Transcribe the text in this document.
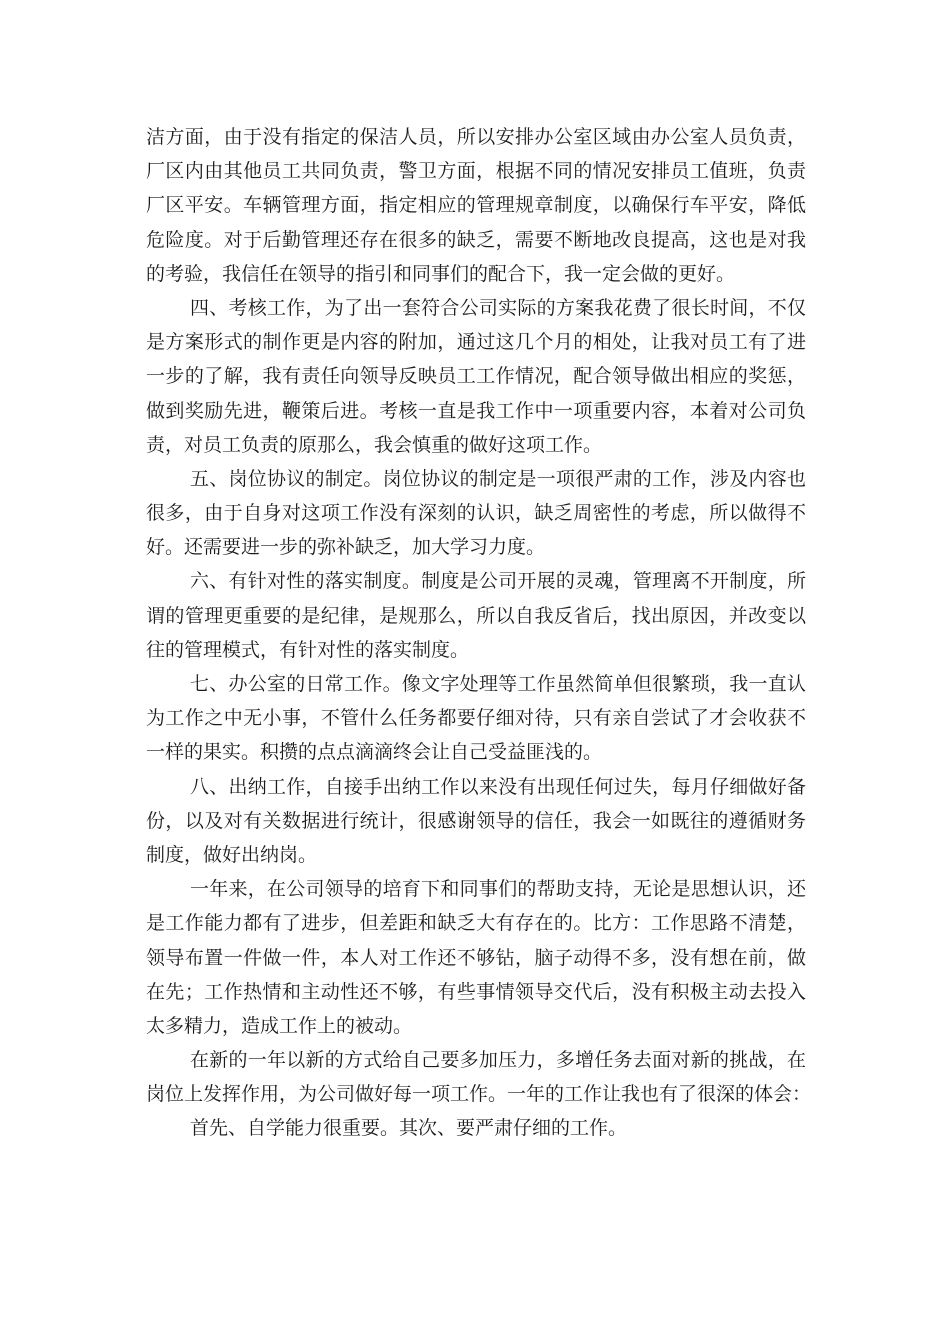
洁方面，由于没有指定的保洁人员，所以安排办公室区域由办公室人员负责，
厂区内由其他员工共同负责，警卫方面，根据不同的情况安排员工值班，负责
厂区平安。车辆管理方面，指定相应的管理规章制度，以确保行车平安，降低
危险度。对于后勤管理还存在很多的缺乏，需要不断地改良提高，这也是对我
的考验，我信任在领导的指引和同事们的配合下，我一定会做的更好。
四、考核工作，为了出一套符合公司实际的方案我花费了很长时间，不仅
是方案形式的制作更是内容的附加，通过这几个月的相处，让我对员工有了进
一步的了解，我有责任向领导反映员工工作情况，配合领导做出相应的奖惩，
做到奖励先进，鞭策后进。考核一直是我工作中一项重要内容，本着对公司负
责，对员工负责的原那么，我会慎重的做好这项工作。
五、岗位协议的制定。岗位协议的制定是一项很严肃的工作，涉及内容也
很多，由于自身对这项工作没有深刻的认识，缺乏周密性的考虑，所以做得不
好。还需要进一步的弥补缺乏，加大学习力度。
六、有针对性的落实制度。制度是公司开展的灵魂，管理离不开制度，所
谓的管理更重要的是纪律，是规那么，所以自我反省后，找出原因，并改变以
往的管理模式，有针对性的落实制度。
七、办公室的日常工作。像文字处理等工作虽然简单但很繁琐，我一直认
为工作之中无小事，不管什么任务都要仔细对待，只有亲自尝试了才会收获不
一样的果实。积攒的点点滴滴终会让自己受益匪浅的。
八、出纳工作，自接手出纳工作以来没有出现任何过失，每月仔细做好备
份，以及对有关数据进行统计，很感谢领导的信任，我会一如既往的遵循财务
制度，做好出纳岗。
一年来，在公司领导的培育下和同事们的帮助支持，无论是思想认识，还
是工作能力都有了进步，但差距和缺乏大有存在的。比方：工作思路不清楚，
领导布置一件做一件，本人对工作还不够钻，脑子动得不多，没有想在前，做
在先；工作热情和主动性还不够，有些事情领导交代后，没有积极主动去投入
太多精力，造成工作上的被动。
在新的一年以新的方式给自己要多加压力，多增任务去面对新的挑战，在
岗位上发挥作用，为公司做好每一项工作。一年的工作让我也有了很深的体会：
首先、自学能力很重要。其次、要严肃仔细的工作。
